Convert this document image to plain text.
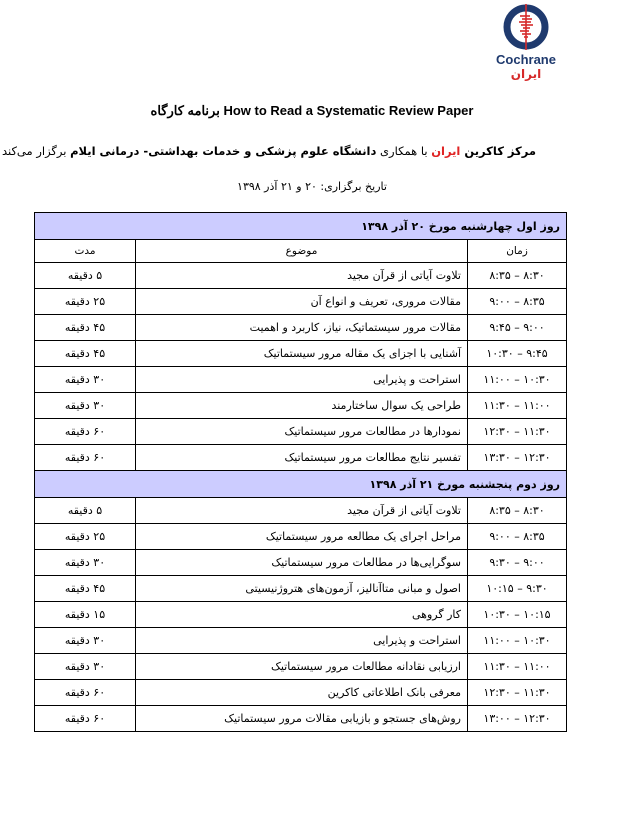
Cochrane
ایران
برنامه کارگاه How to Read a Systematic Review Paper
مرکز کاکرین ایران با همکاری دانشگاه علوم پزشکی و خدمات بهداشتی- درمانی ایلام برگزار می‌کند
تاریخ برگزاری: ۲۰ و ۲۱ آذر ۱۳۹۸
روز اول چهارشنبه مورخ ۲۰ آذر ۱۳۹۸		
زمان	موضوع	مدت
۸:۳۰ – ۸:۳۵	تلاوت آیاتی از قرآن مجید	۵ دقیقه
۸:۳۵ – ۹:۰۰	مقالات مروری، تعریف و انواع آن	۲۵ دقیقه
۹:۰۰ – ۹:۴۵	مقالات مرور سیستماتیک، نیاز، کاربرد و اهمیت	۴۵ دقیقه
۹:۴۵ – ۱۰:۳۰	آشنایی با اجزای یک مقاله مرور سیستماتیک	۴۵ دقیقه
۱۰:۳۰ – ۱۱:۰۰	استراحت و پذیرایی	۳۰ دقیقه
۱۱:۰۰ – ۱۱:۳۰	طراحی یک سوال ساختارمند	۳۰ دقیقه
۱۱:۳۰ – ۱۲:۳۰	نمودارها در مطالعات مرور سیستماتیک	۶۰ دقیقه
۱۲:۳۰ – ۱۳:۳۰	تفسیر نتایج مطالعات مرور سیستماتیک	۶۰ دقیقه
روز دوم پنجشنبه مورخ ۲۱ آذر ۱۳۹۸		
۸:۳۰ – ۸:۳۵	تلاوت آیاتی از قرآن مجید	۵ دقیقه
۸:۳۵ – ۹:۰۰	مراحل اجرای یک مطالعه مرور سیستماتیک	۲۵ دقیقه
۹:۰۰ – ۹:۳۰	سوگرایی‌ها در مطالعات مرور سیستماتیک	۳۰ دقیقه
۹:۳۰ – ۱۰:۱۵	اصول و مبانی متاآنالیز، آزمون‌های هتروژنیسیتی	۴۵ دقیقه
۱۰:۱۵ – ۱۰:۳۰	کار گروهی	۱۵ دقیقه
۱۰:۳۰ – ۱۱:۰۰	استراحت و پذیرایی	۳۰ دقیقه
۱۱:۰۰ – ۱۱:۳۰	ارزیابی نقادانه مطالعات مرور سیستماتیک	۳۰ دقیقه
۱۱:۳۰ – ۱۲:۳۰	معرفی بانک اطلاعاتی کاکرین	۶۰ دقیقه
۱۲:۳۰ – ۱۳:۰۰	روش‌های جستجو و بازیابی مقالات مرور سیستماتیک	۶۰ دقیقه
